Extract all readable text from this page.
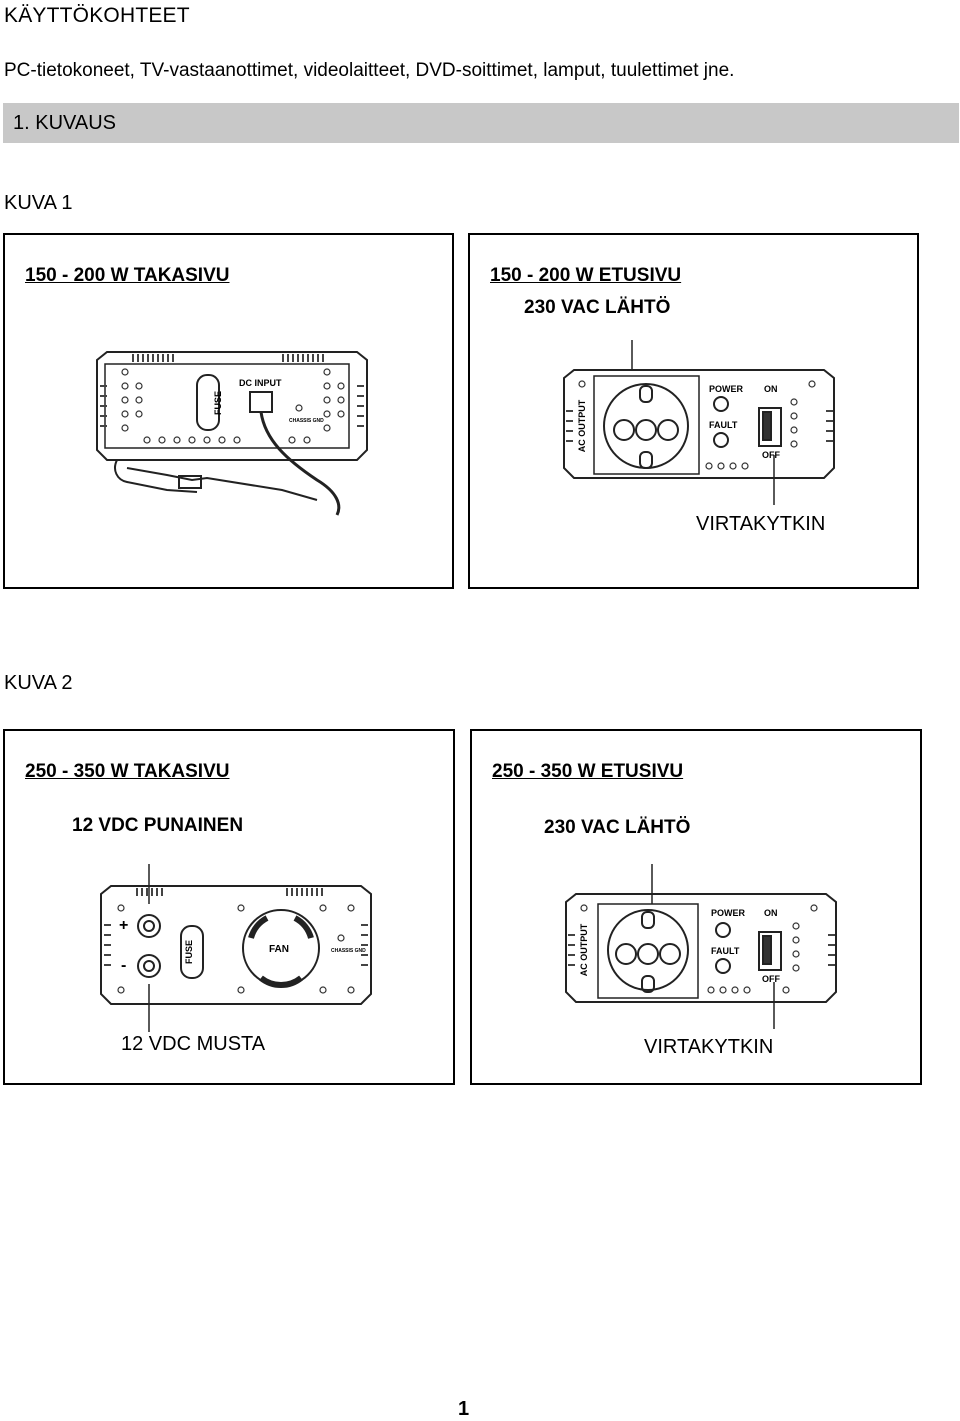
KÄYTTÖKOHTEET
PC-tietokoneet, TV-vastaanottimet, videolaitteet, DVD-soittimet, lamput, tuulettimet jne.
1. KUVAUS
KUVA 1
150 - 200 W TAKASIVU
FUSE
DC INPUT
CHASSIS GND
150 - 200 W ETUSIVU
230 VAC LÄHTÖ
AC OUTPUT
POWER ON
FAULT
OFF
VIRTAKYTKIN
KUVA 2
250 - 350 W TAKASIVU
12 VDC PUNAINEN
+
-
FUSE	FAN	CHASSIS GND
12 VDC MUSTA
250 - 350 W ETUSIVU
230 VAC LÄHTÖ
AC OUTPUT
POWER ON
FAULT
OFF
VIRTAKYTKIN
1
